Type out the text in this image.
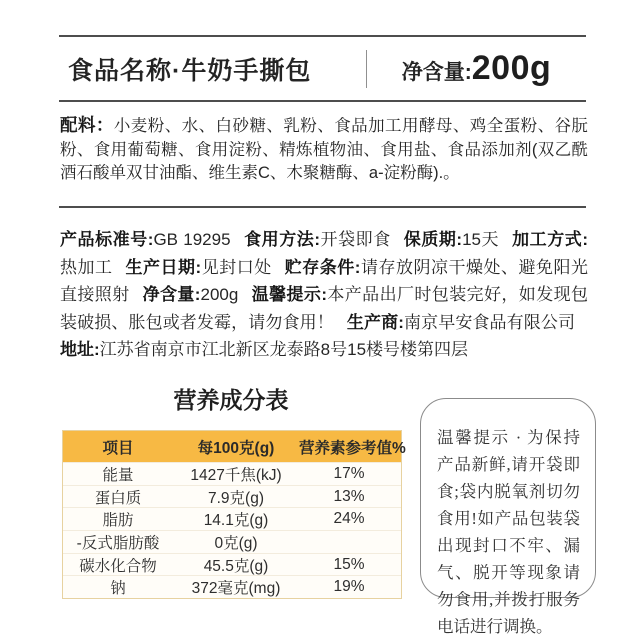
食品名称·牛奶手撕包	净含量: 200g
配料：小麦粉、水、白砂糖、乳粉、食品加工用酵母、鸡全蛋粉、谷朊粉、食用葡萄糖、食用淀粉、精炼植物油、食用盐、食品添加剂(双乙酰酒石酸单双甘油酯、维生素C、木聚糖酶、a-淀粉酶).。
产品标准号:GB 19295 食用方法:开袋即食 保质期:15天 加工方式:热加工 生产日期:见封口处 贮存条件:请存放阴凉干燥处、避免阳光直接照射 净含量:200g 温馨提示:本产品出厂时包装完好，如发现包装破损、胀包或者发霉，请勿食用！ 生产商:南京早安食品有限公司地址:江苏省南京市江北新区龙泰路8号15楼号楼第四层
营养成分表
项目	每100克(g)	营养素参考值%
能量	1427千焦(kJ)	17%
蛋白质	7.9克(g)	13%
脂肪	14.1克(g)	24%
-反式脂肪酸	0克(g)
碳水化合物	45.5克(g)	15%
钠	372毫克(mg)	19%
温馨提示 · 为保持产品新鲜,请开袋即食;袋内脱氧剂切勿食用!如产品包装袋出现封口不牢、漏气、脱开等现象请勿食用,并拨打服务电话进行调换。
